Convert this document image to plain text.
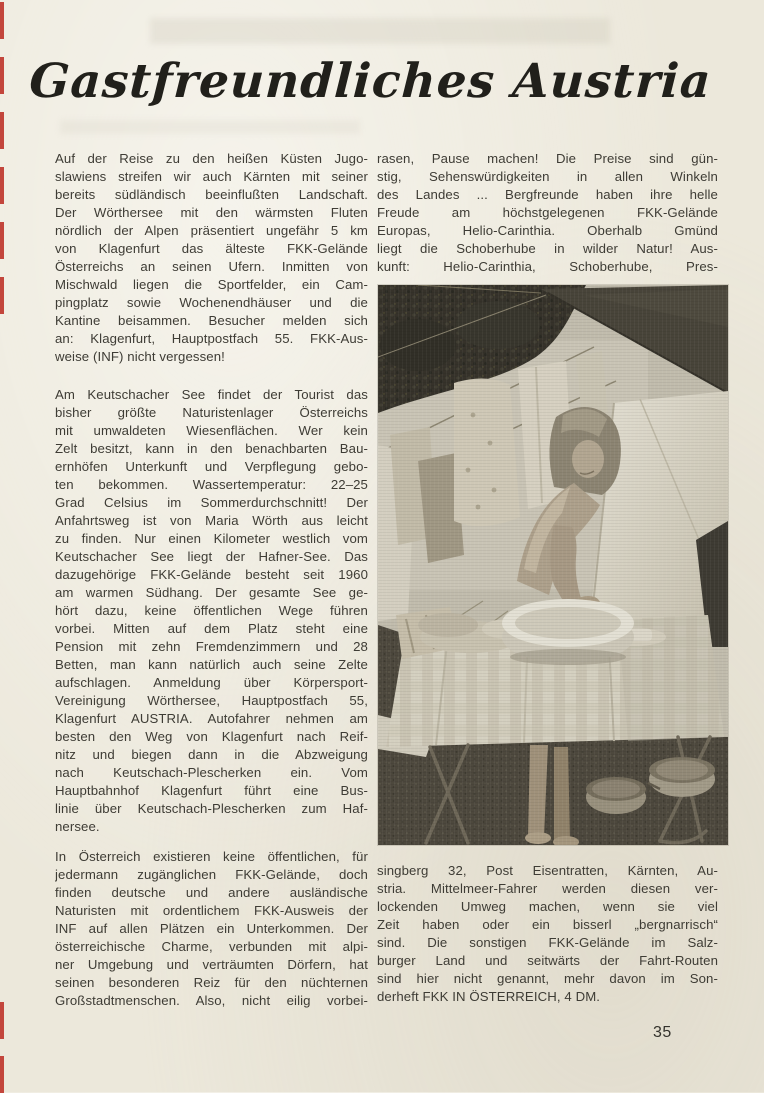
Gastfreundliches Austria
Auf der Reise zu den heißen Küsten Jugo-
slawiens streifen wir auch Kärnten mit seiner
bereits südländisch beeinflußten Landschaft.
Der Wörthersee mit den wärmsten Fluten
nördlich der Alpen präsentiert ungefähr 5 km
von Klagenfurt das älteste FKK-Gelände
Österreichs an seinen Ufern. Inmitten von
Mischwald liegen die Sportfelder, ein Cam-
pingplatz sowie Wochenendhäuser und die
Kantine beisammen. Besucher melden sich
an: Klagenfurt, Hauptpostfach 55. FKK-Aus-
weise (INF) nicht vergessen!
Am Keutschacher See findet der Tourist das
bisher größte Naturistenlager Österreichs
mit umwaldeten Wiesenflächen. Wer kein
Zelt besitzt, kann in den benachbarten Bau-
ernhöfen Unterkunft und Verpflegung gebo-
ten bekommen. Wassertemperatur: 22–25
Grad Celsius im Sommerdurchschnitt! Der
Anfahrtsweg ist von Maria Wörth aus leicht
zu finden. Nur einen Kilometer westlich vom
Keutschacher See liegt der Hafner-See. Das
dazugehörige FKK-Gelände besteht seit 1960
am warmen Südhang. Der gesamte See ge-
hört dazu, keine öffentlichen Wege führen
vorbei. Mitten auf dem Platz steht eine
Pension mit zehn Fremdenzimmern und 28
Betten, man kann natürlich auch seine Zelte
aufschlagen. Anmeldung über Körpersport-
Vereinigung Wörthersee, Hauptpostfach 55,
Klagenfurt AUSTRIA. Autofahrer nehmen am
besten den Weg von Klagenfurt nach Reif-
nitz und biegen dann in die Abzweigung
nach Keutschach-Plescherken ein. Vom
Hauptbahnhof Klagenfurt führt eine Bus-
linie über Keutschach-Plescherken zum Haf-
nersee.
In Österreich existieren keine öffentlichen, für
jedermann zugänglichen FKK-Gelände, doch
finden deutsche und andere ausländische
Naturisten mit ordentlichem FKK-Ausweis der
INF auf allen Plätzen ein Unterkommen. Der
österreichische Charme, verbunden mit alpi-
ner Umgebung und verträumten Dörfern, hat
seinen besonderen Reiz für den nüchternen
Großstadtmenschen. Also, nicht eilig vorbei-
rasen, Pause machen! Die Preise sind gün-
stig, Sehenswürdigkeiten in allen Winkeln
des Landes ... Bergfreunde haben ihre helle
Freude am höchstgelegenen FKK-Gelände
Europas, Helio-Carinthia. Oberhalb Gmünd
liegt die Schoberhube in wilder Natur! Aus-
kunft: Helio-Carinthia, Schoberhube, Pres-
singberg 32, Post Eisentratten, Kärnten, Au-
stria. Mittelmeer-Fahrer werden diesen ver-
lockenden Umweg machen, wenn sie viel
Zeit haben oder ein bisserl „bergnarrisch“
sind. Die sonstigen FKK-Gelände im Salz-
burger Land und seitwärts der Fahrt-Routen
sind hier nicht genannt, mehr davon im Son-
derheft FKK IN ÖSTERREICH, 4 DM.
35
